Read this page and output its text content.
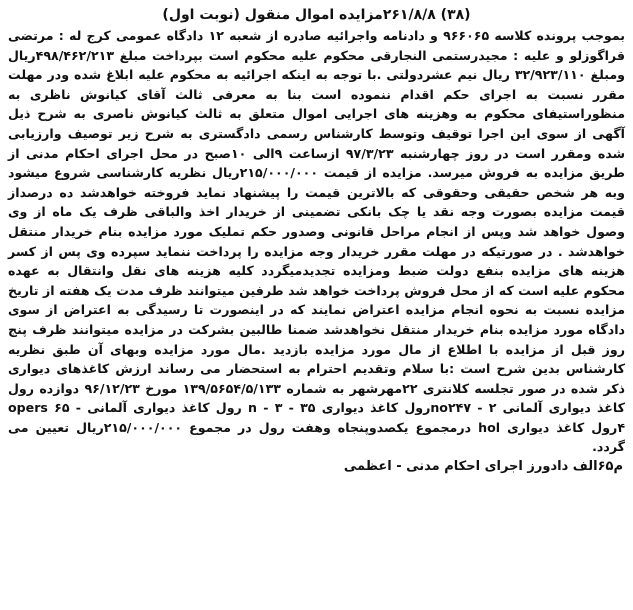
(۳۸) ۲۶۱/۸/۸مزایده اموال منقول (نوبت اول)

بموجب پرونده کلاسه ۹۶۶۰۶۵ و دادنامه واجرائیه صادره از شعبه ۱۲ دادگاه عمومی کرج له : مرتضی قراگوزلو و علیه : مجیدرستمی النجارقی محکوم علیه محکوم است بپرداخت مبلغ ۴۹۸/۴۶۲/۲۱۳ریال ومبلغ ۳۲/۹۲۳/۱۱۰ ریال نیم عشردولتی .با توجه به اینکه اجرائیه به محکوم علیه ابلاغ شده ودر مهلت مقرر نسبت به اجرای حکم اقدام ننموده است بنا به معرفی ثالث آقای کیانوش ناظری به منظوراستیفای محکوم به وهزینه های اجرایی اموال متعلق به ثالث کیانوش ناصری به شرح ذیل آگهی از سوی این اجرا توقیف وتوسط کارشناس رسمی دادگستری به شرح زیر توصیف وارزیابی شده ومقرر است در روز چهارشنبه ۹۷/۳/۲۳ ازساعت ۹الی ۱۰صبح در محل اجرای احکام مدنی از طریق مزایده به فروش میرسد. مزایده از قیمت ۲۱۵/۰۰۰/۰۰۰ریال نظریه کارشناسی شروع میشود وبه هر شخص حقیقی وحقوقی که بالاترین قیمت را پیشنهاد نماید فروخته خواهدشد ده درصداز قیمت مزایده بصورت وجه نقد یا چک بانکی تضمینی از خریدار اخذ والباقی ظرف یک ماه از وی وصول خواهد شد وپس از انجام مراحل قانونی وصدور حکم تملیک مورد مزایده بنام خریدار منتقل خواهدشد . در صورتیکه در مهلت مقرر خریدار وجه مزایده را پرداخت ننماید سپرده وی پس از کسر هزینه های مزایده بنفع دولت ضبط ومزایده تجدیدمیگردد کلیه هزینه های نقل وانتقال به عهده محکوم علیه است که از محل فروش پرداخت خواهد شد طرفین میتوانند ظرف مدت یک هفته از تاریخ مزایده نسبت به نحوه انجام مزایده اعتراض نمایند که در اینصورت تا رسیدگی به اعتراض از سوی دادگاه مورد مزایده بنام خریدار منتقل نخواهدشد ضمنا طالبین بشرکت در مزایده میتوانند ظرف پنج روز قبل از مزایده با اطلاع از مال مورد مزایده بازدید .مال مورد مزایده وبهای آن طبق نظریه کارشناس بدین شرح است :با سلام وتقدیم احترام به استحضار می رساند ارزش کاغذهای دیواری ذکر شده در صور تجلسه کلانتری ۲۲مهرشهر به شماره ۱۳۹/۵۶۵۴/۵/۱۳۳ مورخ ۹۶/۱۲/۲۳ دوازده رول کاغذ دیواری آلمانی no۲۴۷ - ۲رول کاغذ دیواری n - ۳ - ۳۵ رول کاغذ دیواری آلمانی opers ۶۵ - ۴رول کاغذ دیواری hol درمجموع یکصدوپنجاه وهفت رول در مجموع ۲۱۵/۰۰۰/۰۰۰ریال تعیین می گردد.

م۶۵الف دادورز اجرای احکام مدنی - اعظمی
